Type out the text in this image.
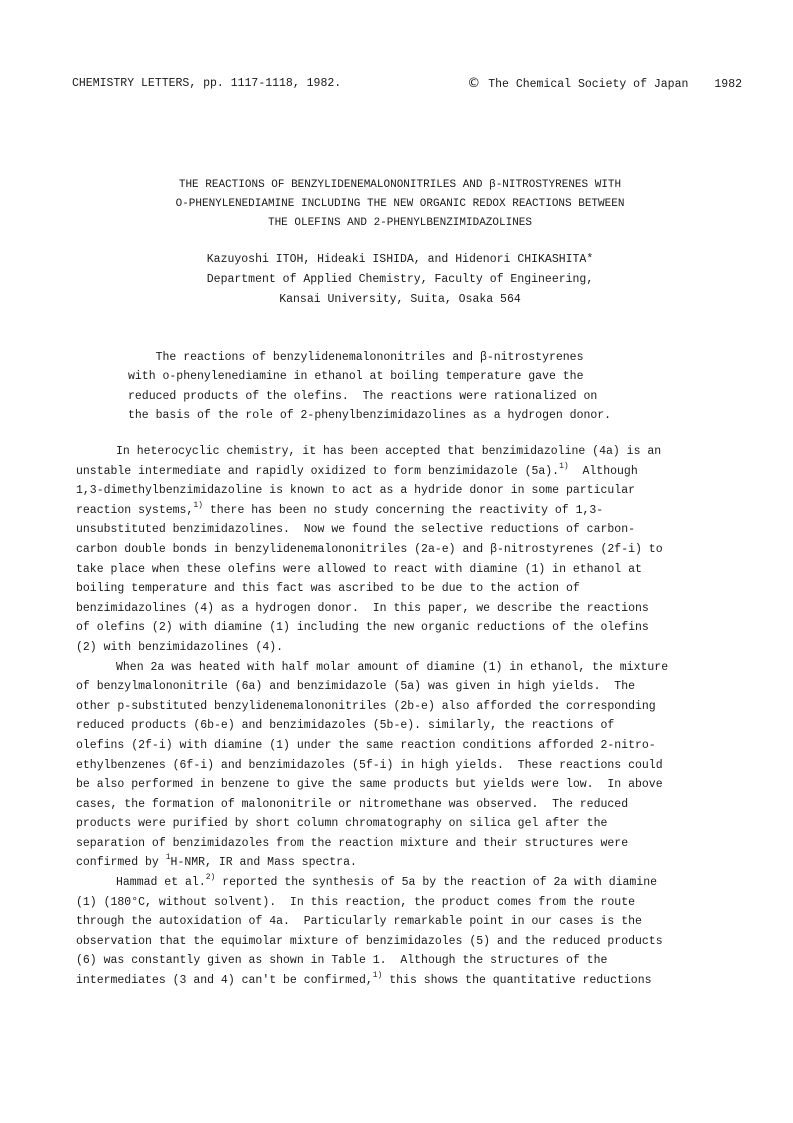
CHEMISTRY LETTERS, pp. 1117-1118, 1982.	© The Chemical Society of Japan 1982
THE REACTIONS OF BENZYLIDENEMALONONITRILES AND β-NITROSTYRENES WITH
O-PHENYLENEDIAMINE INCLUDING THE NEW ORGANIC REDOX REACTIONS BETWEEN
THE OLEFINS AND 2-PHENYLBENZIMIDAZOLINES
Kazuyoshi ITOH, Hideaki ISHIDA, and Hidenori CHIKASHITA*
Department of Applied Chemistry, Faculty of Engineering,
Kansai University, Suita, Osaka 564
The reactions of benzylidenemalononitriles and β-nitrostyrenes
with o-phenylenediamine in ethanol at boiling temperature gave the
reduced products of the olefins.  The reactions were rationalized on
the basis of the role of 2-phenylbenzimidazolines as a hydrogen donor.
In heterocyclic chemistry, it has been accepted that benzimidazoline (4a) is an
unstable intermediate and rapidly oxidized to form benzimidazole (5a).$^{1)}$  Although
1,3-dimethylbenzimidazoline is known to act as a hydride donor in some particular
reaction systems,$^{1)}$ there has been no study concerning the reactivity of 1,3-
unsubstituted benzimidazolines.  Now we found the selective reductions of carbon-
carbon double bonds in benzylidenemalononitriles (2a-e) and β-nitrostyrenes (2f-i) to
take place when these olefins were allowed to react with diamine (1) in ethanol at
boiling temperature and this fact was ascribed to be due to the action of
benzimidazolines (4) as a hydrogen donor.  In this paper, we describe the reactions
of olefins (2) with diamine (1) including the new organic reductions of the olefins
(2) with benzimidazolines (4).
When 2a was heated with half molar amount of diamine (1) in ethanol, the mixture
of benzylmalononitrile (6a) and benzimidazole (5a) was given in high yields.  The
other p-substituted benzylidenemalononitriles (2b-e) also afforded the corresponding
reduced products (6b-e) and benzimidazoles (5b-e). similarly, the reactions of
olefins (2f-i) with diamine (1) under the same reaction conditions afforded 2-nitro-
ethylbenzenes (6f-i) and benzimidazoles (5f-i) in high yields.  These reactions could
be also performed in benzene to give the same products but yields were low.  In above
cases, the formation of malononitrile or nitromethane was observed.  The reduced
products were purified by short column chromatography on silica gel after the
separation of benzimidazoles from the reaction mixture and their structures were
confirmed by $^1$H-NMR, IR and Mass spectra.
Hammad et al.$^{2)}$ reported the synthesis of 5a by the reaction of 2a with diamine
(1) (180°C, without solvent).  In this reaction, the product comes from the route
through the autoxidation of 4a.  Particularly remarkable point in our cases is the
observation that the equimolar mixture of benzimidazoles (5) and the reduced products
(6) was constantly given as shown in Table 1.  Although the structures of the
intermediates (3 and 4) can't be confirmed,$^{1)}$ this shows the quantitative reductions
